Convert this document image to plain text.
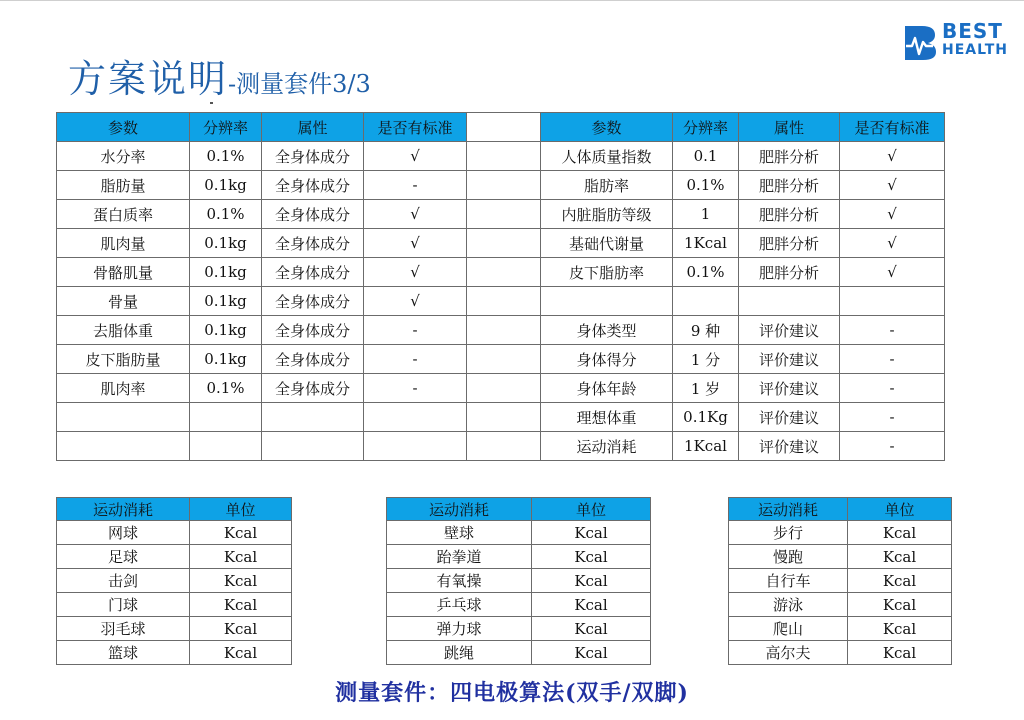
方案说明-测量套件3/3
BEST
HEALTH
参数	分辨率	属性	是否有标准		参数	分辨率	属性	是否有标准
水分率	0.1%	全身体成分	√		人体质量指数	0.1	肥胖分析	√
脂肪量	0.1kg	全身体成分	-		脂肪率	0.1%	肥胖分析	√
蛋白质率	0.1%	全身体成分	√		内脏脂肪等级	1	肥胖分析	√
肌肉量	0.1kg	全身体成分	√		基础代谢量	1Kcal	肥胖分析	√
骨骼肌量	0.1kg	全身体成分	√		皮下脂肪率	0.1%	肥胖分析	√
骨量	0.1kg	全身体成分	√					
去脂体重	0.1kg	全身体成分	-		身体类型	9 种	评价建议	-
皮下脂肪量	0.1kg	全身体成分	-		身体得分	1 分	评价建议	-
肌肉率	0.1%	全身体成分	-		身体年龄	1 岁	评价建议	-
					理想体重	0.1Kg	评价建议	-
					运动消耗	1Kcal	评价建议	-
运动消耗	单位
网球	Kcal
足球	Kcal
击剑	Kcal
门球	Kcal
羽毛球	Kcal
篮球	Kcal
运动消耗	单位
壁球	Kcal
跆拳道	Kcal
有氧操	Kcal
乒乓球	Kcal
弹力球	Kcal
跳绳	Kcal
运动消耗	单位
步行	Kcal
慢跑	Kcal
自行车	Kcal
游泳	Kcal
爬山	Kcal
高尔夫	Kcal
测量套件：四电极算法(双手/双脚)
